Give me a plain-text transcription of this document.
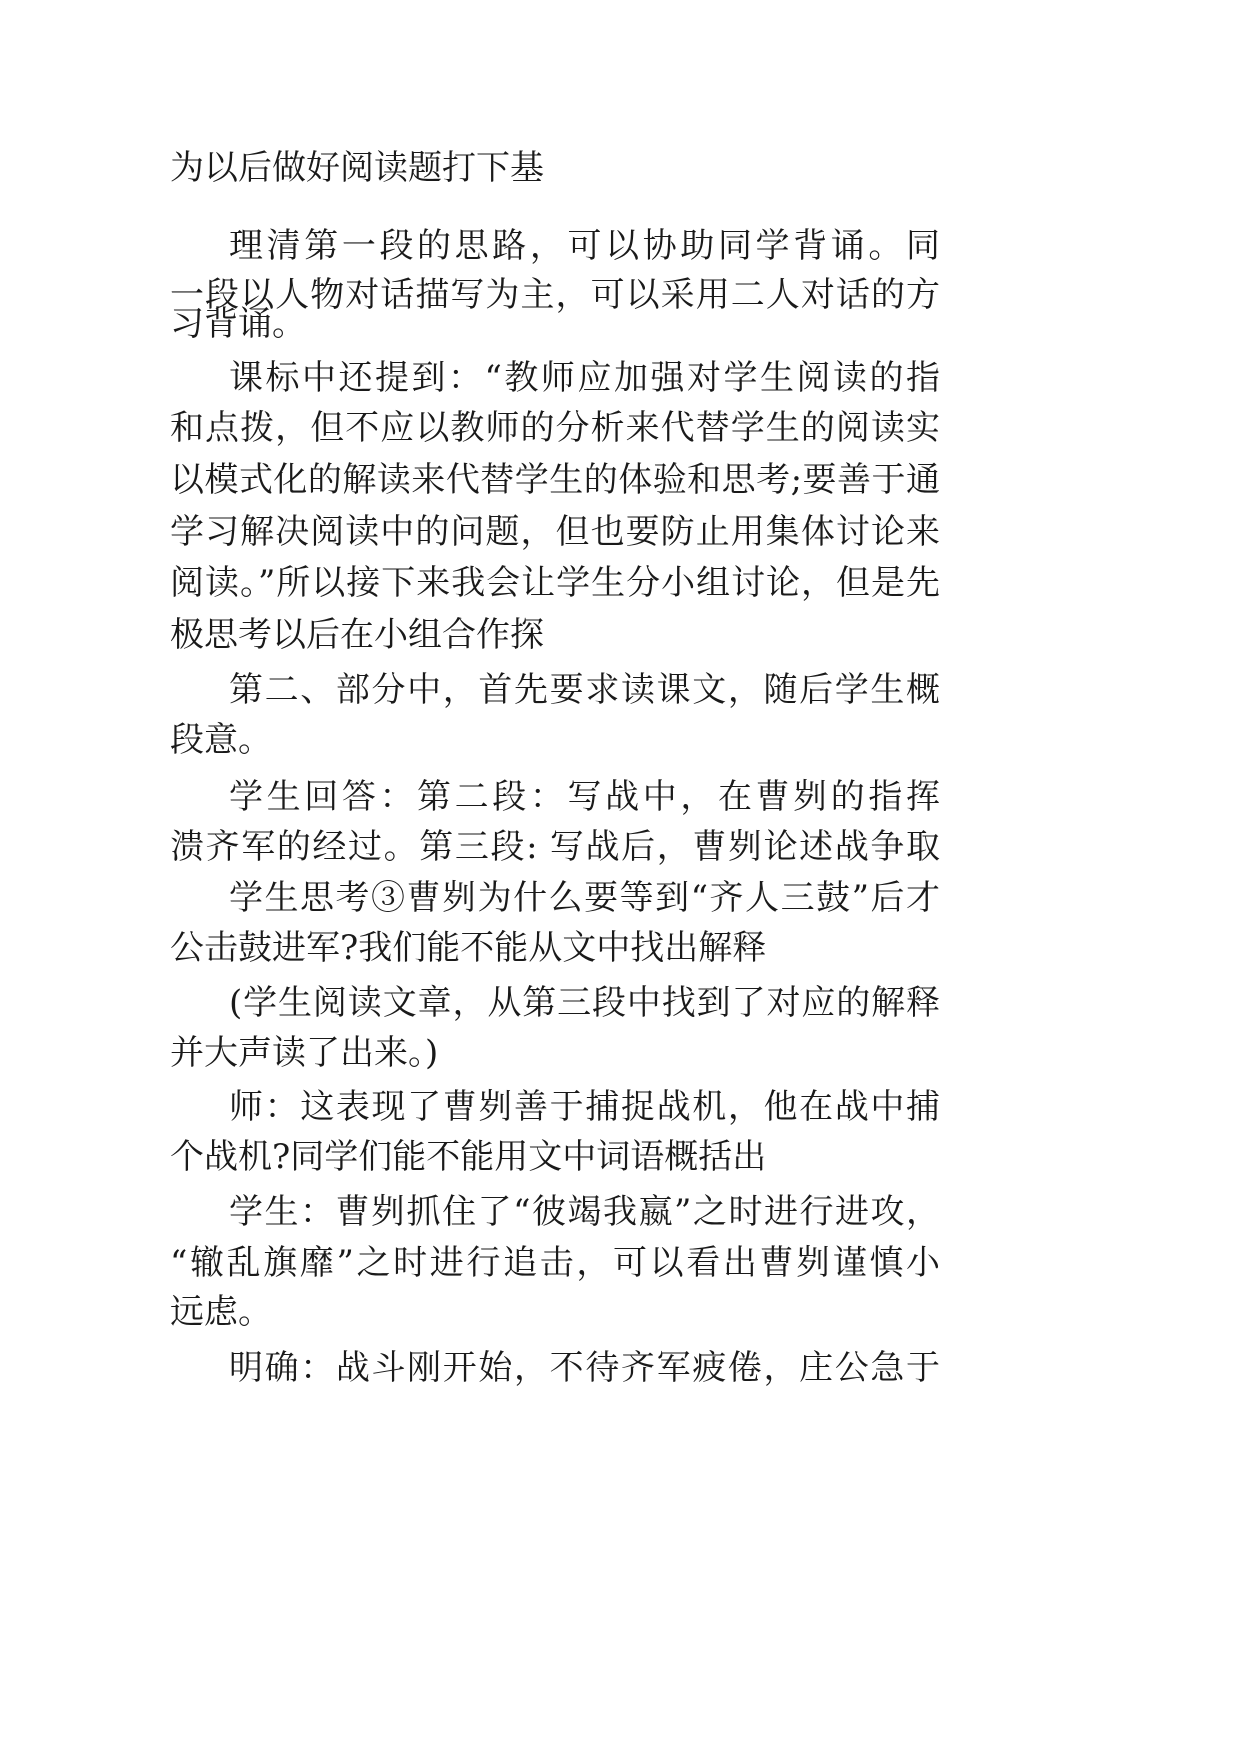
为以后做好阅读题打下基
理清第一段的思路，可以协助同学背诵。同
一段以人物对话描写为主，可以采用二人对话的方
习背诵。
课标中还提到：“教师应加强对学生阅读的指
和点拨，但不应以教师的分析来代替学生的阅读实
以模式化的解读来代替学生的体验和思考;要善于通
学习解决阅读中的问题，但也要防止用集体讨论来
阅读。”所以接下来我会让学生分小组讨论，但是先
极思考以后在小组合作探
第二、部分中，首先要求读课文，随后学生概
段意。
学生回答：第二段：写战中，在曹刿的指挥
溃齐军的经过。第三段: 写战后，曹刿论述战争取
学生思考③曹刿为什么要等到“齐人三鼓”后才
公击鼓进军?我们能不能从文中找出解释
(学生阅读文章，从第三段中找到了对应的解释
并大声读了出来。)
师：这表现了曹刿善于捕捉战机，他在战中捕
个战机?同学们能不能用文中词语概括出
学生：曹刿抓住了“彼竭我嬴”之时进行进攻，
“辙乱旗靡”之时进行追击，可以看出曹刿谨慎小
远虑。
明确：战斗刚开始，不待齐军疲倦，庄公急于
